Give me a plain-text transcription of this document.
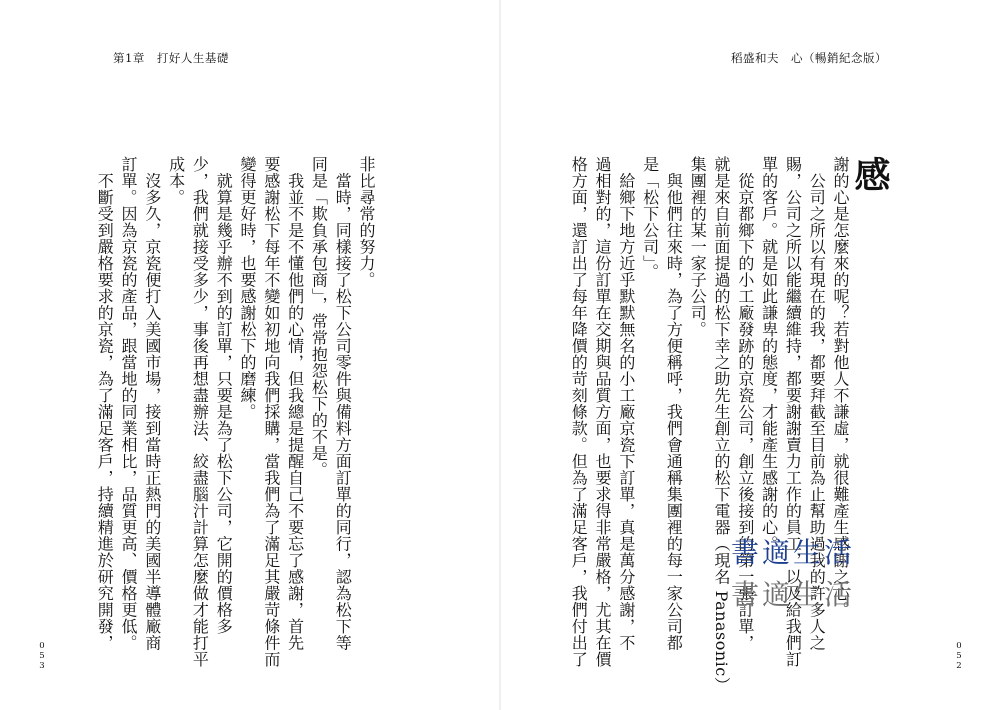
第1章　打好人生基礎	稻盛和夫　心（暢銷紀念版）
感
謝的心是怎麼來的呢？若對他人不謙虛，就很難產生感謝之心。
　公司之所以有現在的我，都要拜截至目前為止幫助過我的許多人之
賜，公司之所以能繼續維持，都要謝謝賣力工作的員工，以及給我們訂
單的客戶。就是如此謙卑的態度，才能產生感謝的心。
　從京都鄉下的小工廠發跡的京瓷公司，創立後接到的第一張訂單，
就是來自前面提過的松下幸之助先生創立的松下電器（現名 Panasonic）
集團裡的某一家子公司。
　與他們往來時，為了方便稱呼，我們會通稱集團裡的每一家公司都
是「松下公司」。
　給鄉下地方近乎默默無名的小工廠京瓷下訂單，真是萬分感謝，不
過相對的，這份訂單在交期與品質方面，也要求得非常嚴格，尤其在價
格方面，還訂出了每年降價的苛刻條款。但為了滿足客戶，我們付出了
非比尋常的努力。
　當時，同樣接了松下公司零件與備料方面訂單的同行，認為松下等
同是「欺負承包商」，常常抱怨松下的不是。
　我並不是不懂他們的心情，但我總是提醒自己不要忘了感謝，首先
要感謝松下每年不變如初地向我們採購，當我們為了滿足其嚴苛條件而
變得更好時，也要感謝松下的磨練。
　就算是幾乎辦不到的訂單，只要是為了松下公司，它開的價格多
少，我們就接受多少，事後再想盡辦法、絞盡腦汁計算怎麼做才能打平
成本。
　沒多久，京瓷便打入美國市場，接到當時正熱門的美國半導體廠商
訂單。因為京瓷的產品，跟當地的同業相比，品質更高、價格更低。
　不斷受到嚴格要求的京瓷，為了滿足客戶，持續精進於研究開發，	書適生活
書適生活
053	052
